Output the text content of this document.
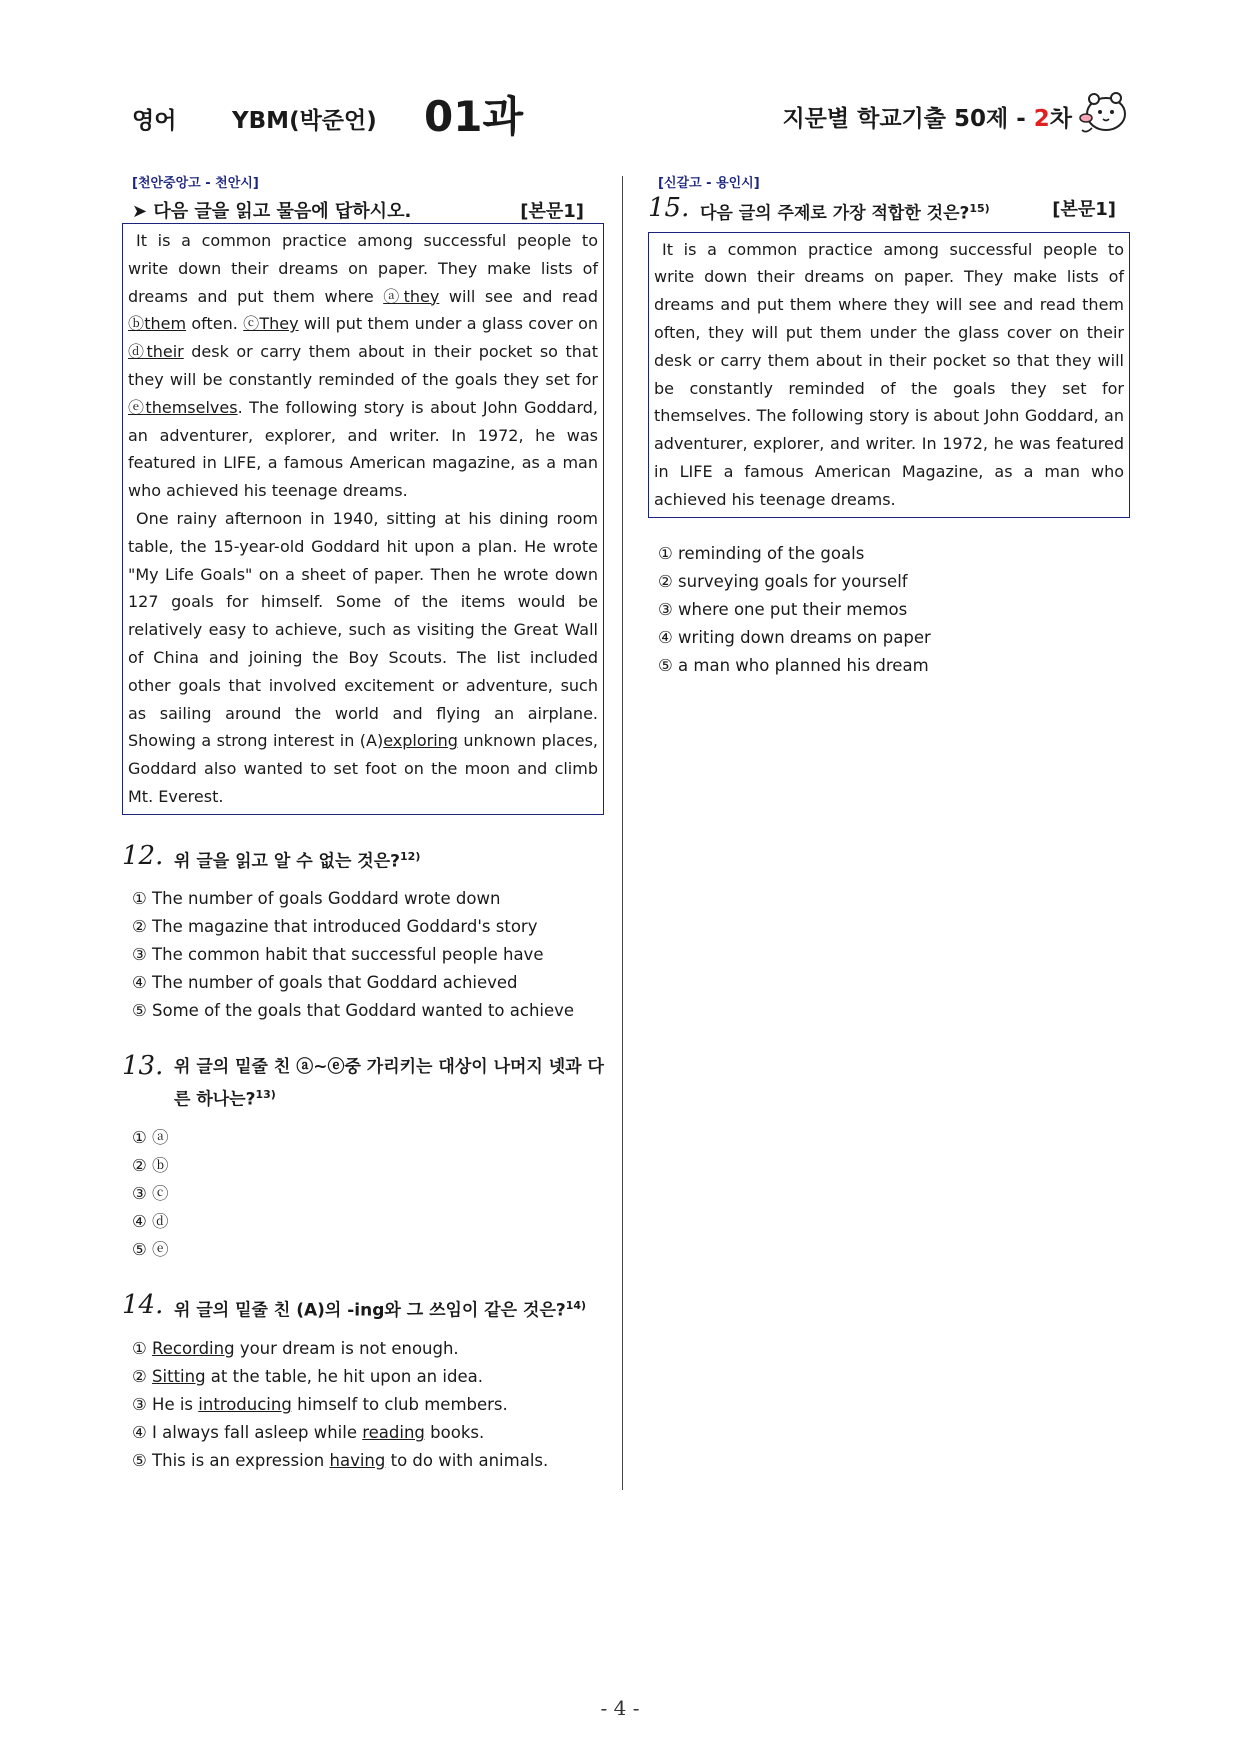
영어 YBM(박준언) 01과	지문별 학교기출 50제 - 2차
[천안중앙고 - 천안시]
➤ 다음 글을 읽고 물음에 답하시오.	[본문1]

It is a common practice among successful people to write down their dreams on paper. They make lists of dreams and put them where ⓐthey will see and read ⓑthem often. ⓒThey will put them under a glass cover on ⓓtheir desk or carry them about in their pocket so that they will be constantly reminded of the goals they set for ⓔthemselves. The following story is about John Goddard, an adventurer, explorer, and writer. In 1972, he was featured in LIFE, a famous American magazine, as a man who achieved his teenage dreams.

One rainy afternoon in 1940, sitting at his dining room table, the 15-year-old Goddard hit upon a plan. He wrote "My Life Goals" on a sheet of paper. Then he wrote down 127 goals for himself. Some of the items would be relatively easy to achieve, such as visiting the Great Wall of China and joining the Boy Scouts. The list included other goals that involved excitement or adventure, such as sailing around the world and flying an airplane. Showing a strong interest in (A)exploring unknown places, Goddard also wanted to set foot on the moon and climb Mt. Everest.

12. 위 글을 읽고 알 수 없는 것은?$^{12)}$
① The number of goals Goddard wrote down
② The magazine that introduced Goddard's story
③ The common habit that successful people have
④ The number of goals that Goddard achieved
⑤ Some of the goals that Goddard wanted to achieve
13. 위 글의 밑줄 친 ⓐ~ⓔ중 가리키는 대상이 나머지 넷과 다른 하나는?$^{13)}$
① ⓐ
② ⓑ
③ ⓒ
④ ⓓ
⑤ ⓔ
14. 위 글의 밑줄 친 (A)의 -ing와 그 쓰임이 같은 것은?$^{14)}$
① Recording your dream is not enough.
② Sitting at the table, he hit upon an idea.
③ He is introducing himself to club members.
④ I always fall asleep while reading books.
⑤ This is an expression having to do with animals.
[신갈고 - 용인시]
15. 다음 글의 주제로 가장 적합한 것은?$^{15)}$	[본문1]

It is a common practice among successful people to write down their dreams on paper. They make lists of dreams and put them where they will see and read them often, they will put them under the glass cover on their desk or carry them about in their pocket so that they will be constantly reminded of the goals they set for themselves. The following story is about John Goddard, an adventurer, explorer, and writer. In 1972, he was featured in LIFE a famous American Magazine, as a man who achieved his teenage dreams.

① reminding of the goals
② surveying goals for yourself
③ where one put their memos
④ writing down dreams on paper
⑤ a man who planned his dream
- 4 -
